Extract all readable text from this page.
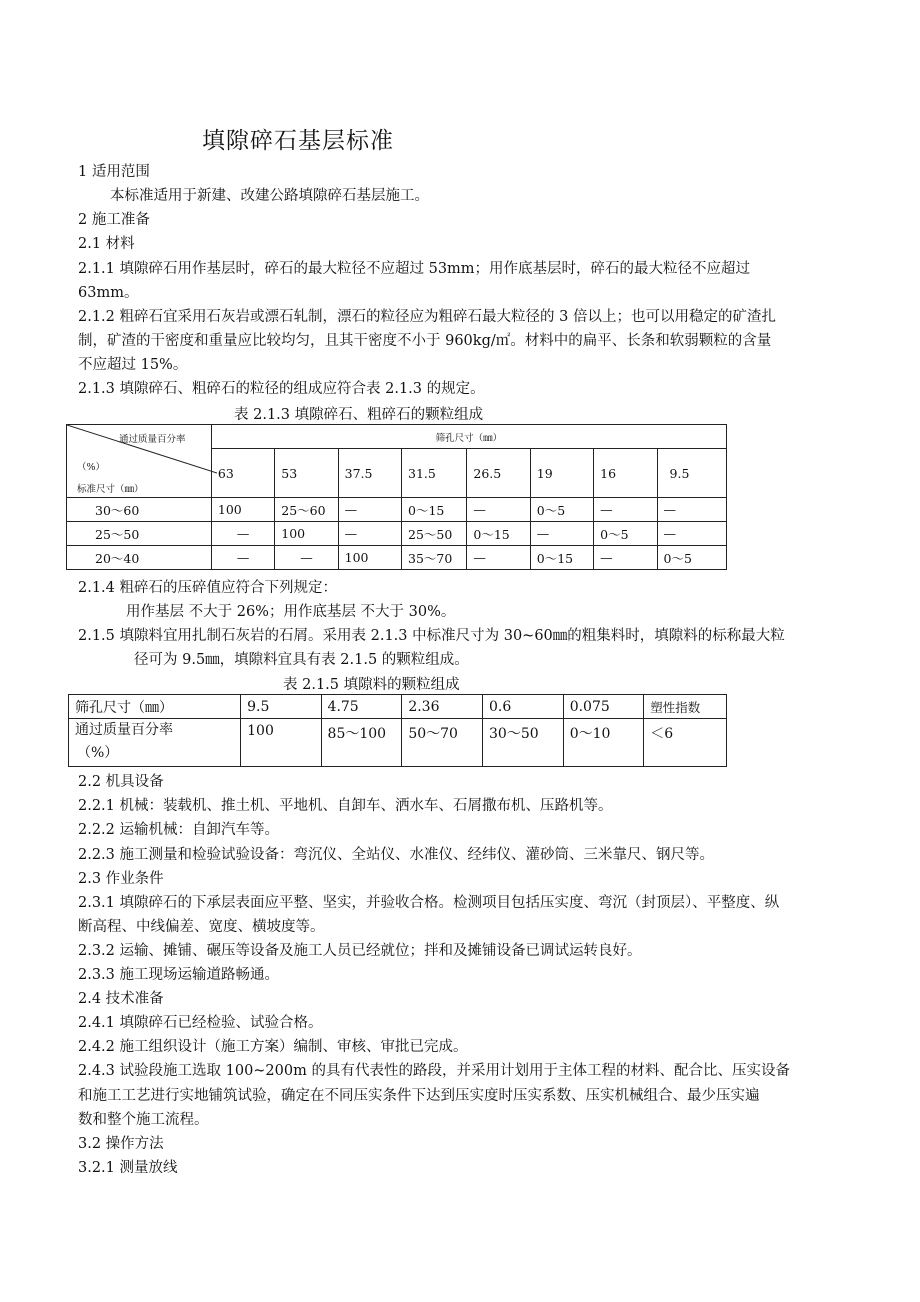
填隙碎石基层标准
1 适用范围
本标准适用于新建、改建公路填隙碎石基层施工。
2 施工准备
2.1 材料
2.1.1 填隙碎石用作基层时，碎石的最大粒径不应超过 53mm；用作底基层时，碎石的最大粒径不应超过
63mm。
2.1.2 粗碎石宜采用石灰岩或漂石轧制，漂石的粒径应为粗碎石最大粒径的 3 倍以上；也可以用稳定的矿渣扎
制，矿渣的干密度和重量应比较均匀，且其干密度不小于 960kg/㎡。材料中的扁平、长条和软弱颗粒的含量
不应超过 15%。
2.1.3 填隙碎石、粗碎石的粒径的组成应符合表 2.1.3 的规定。
表 2.1.3 填隙碎石、粗碎石的颗粒组成
通过质量百分率
（%）
标准尺寸（㎜）	筛孔尺寸（㎜）							
	63	53	37.5	31.5	26.5	19	16	9.5
30～60	100	25～60	—	0～15	—	0～5	—	—
25～50	—	100	—	25～50	0～15	—	0～5	—
20～40	—	—	100	35～70	—	0～15	—	0～5
2.1.4 粗碎石的压碎值应符合下列规定：
用作基层 不大于 26%；用作底基层 不大于 30%。
2.1.5 填隙料宜用扎制石灰岩的石屑。采用表 2.1.3 中标准尺寸为 30~60㎜的粗集料时，填隙料的标称最大粒
径可为 9.5㎜，填隙料宜具有表 2.1.5 的颗粒组成。
表 2.1.5 填隙料的颗粒组成
筛孔尺寸（㎜）	9.5	4.75	2.36	0.6	0.075	塑性指数

通过质量百分率
（%）	100	85～100	50～70	30～50	0～10	＜6
2.2 机具设备
2.2.1 机械：装载机、推土机、平地机、自卸车、洒水车、石屑撒布机、压路机等。
2.2.2 运输机械：自卸汽车等。
2.2.3 施工测量和检验试验设备：弯沉仪、全站仪、水准仪、经纬仪、灌砂筒、三米靠尺、钢尺等。
2.3 作业条件
2.3.1 填隙碎石的下承层表面应平整、坚实，并验收合格。检测项目包括压实度、弯沉（封顶层）、平整度、纵
断高程、中线偏差、宽度、横坡度等。
2.3.2 运输、摊铺、碾压等设备及施工人员已经就位；拌和及摊铺设备已调试运转良好。
2.3.3 施工现场运输道路畅通。
2.4 技术准备
2.4.1 填隙碎石已经检验、试验合格。
2.4.2 施工组织设计（施工方案）编制、审核、审批已完成。
2.4.3 试验段施工选取 100~200m 的具有代表性的路段，并采用计划用于主体工程的材料、配合比、压实设备
和施工工艺进行实地铺筑试验，确定在不同压实条件下达到压实度时压实系数、压实机械组合、最少压实遍
数和整个施工流程。
3.2 操作方法
3.2.1 测量放线
